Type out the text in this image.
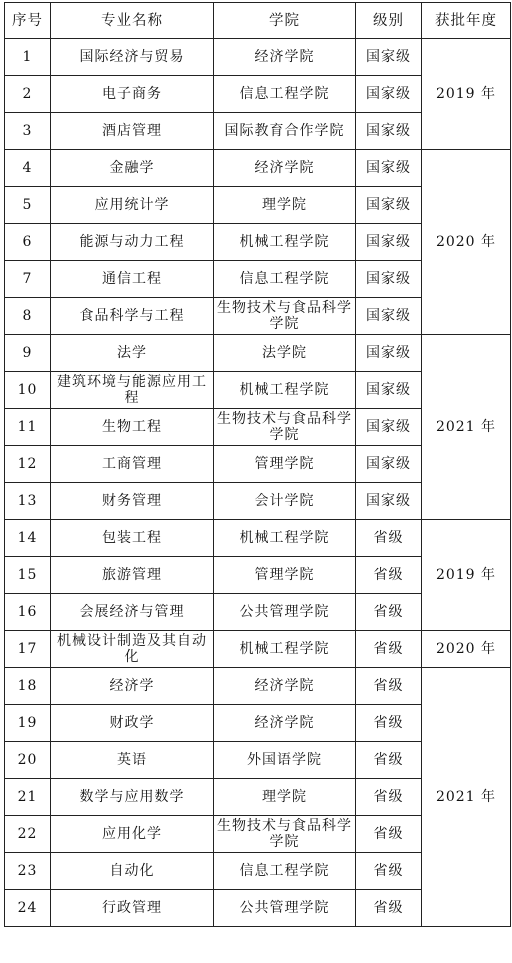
序号	专业名称	学院	级别	获批年度
1	国际经济与贸易	经济学院	国家级	2019 年
2	电子商务	信息工程学院	国家级	
3	酒店管理	国际教育合作学院	国家级	
4	金融学	经济学院	国家级	2020 年
5	应用统计学	理学院	国家级	
6	能源与动力工程	机械工程学院	国家级	
7	通信工程	信息工程学院	国家级	
8	食品科学与工程	生物技术与食品科学学院	国家级	
9	法学	法学院	国家级	2021 年
10	建筑环境与能源应用工程	机械工程学院	国家级	
11	生物工程	生物技术与食品科学学院	国家级	
12	工商管理	管理学院	国家级	
13	财务管理	会计学院	国家级	
14	包装工程	机械工程学院	省级	2019 年
15	旅游管理	管理学院	省级	
16	会展经济与管理	公共管理学院	省级	
17	机械设计制造及其自动化	机械工程学院	省级	2020 年
18	经济学	经济学院	省级	2021 年
19	财政学	经济学院	省级	
20	英语	外国语学院	省级	
21	数学与应用数学	理学院	省级	
22	应用化学	生物技术与食品科学学院	省级	
23	自动化	信息工程学院	省级	
24	行政管理	公共管理学院	省级	
